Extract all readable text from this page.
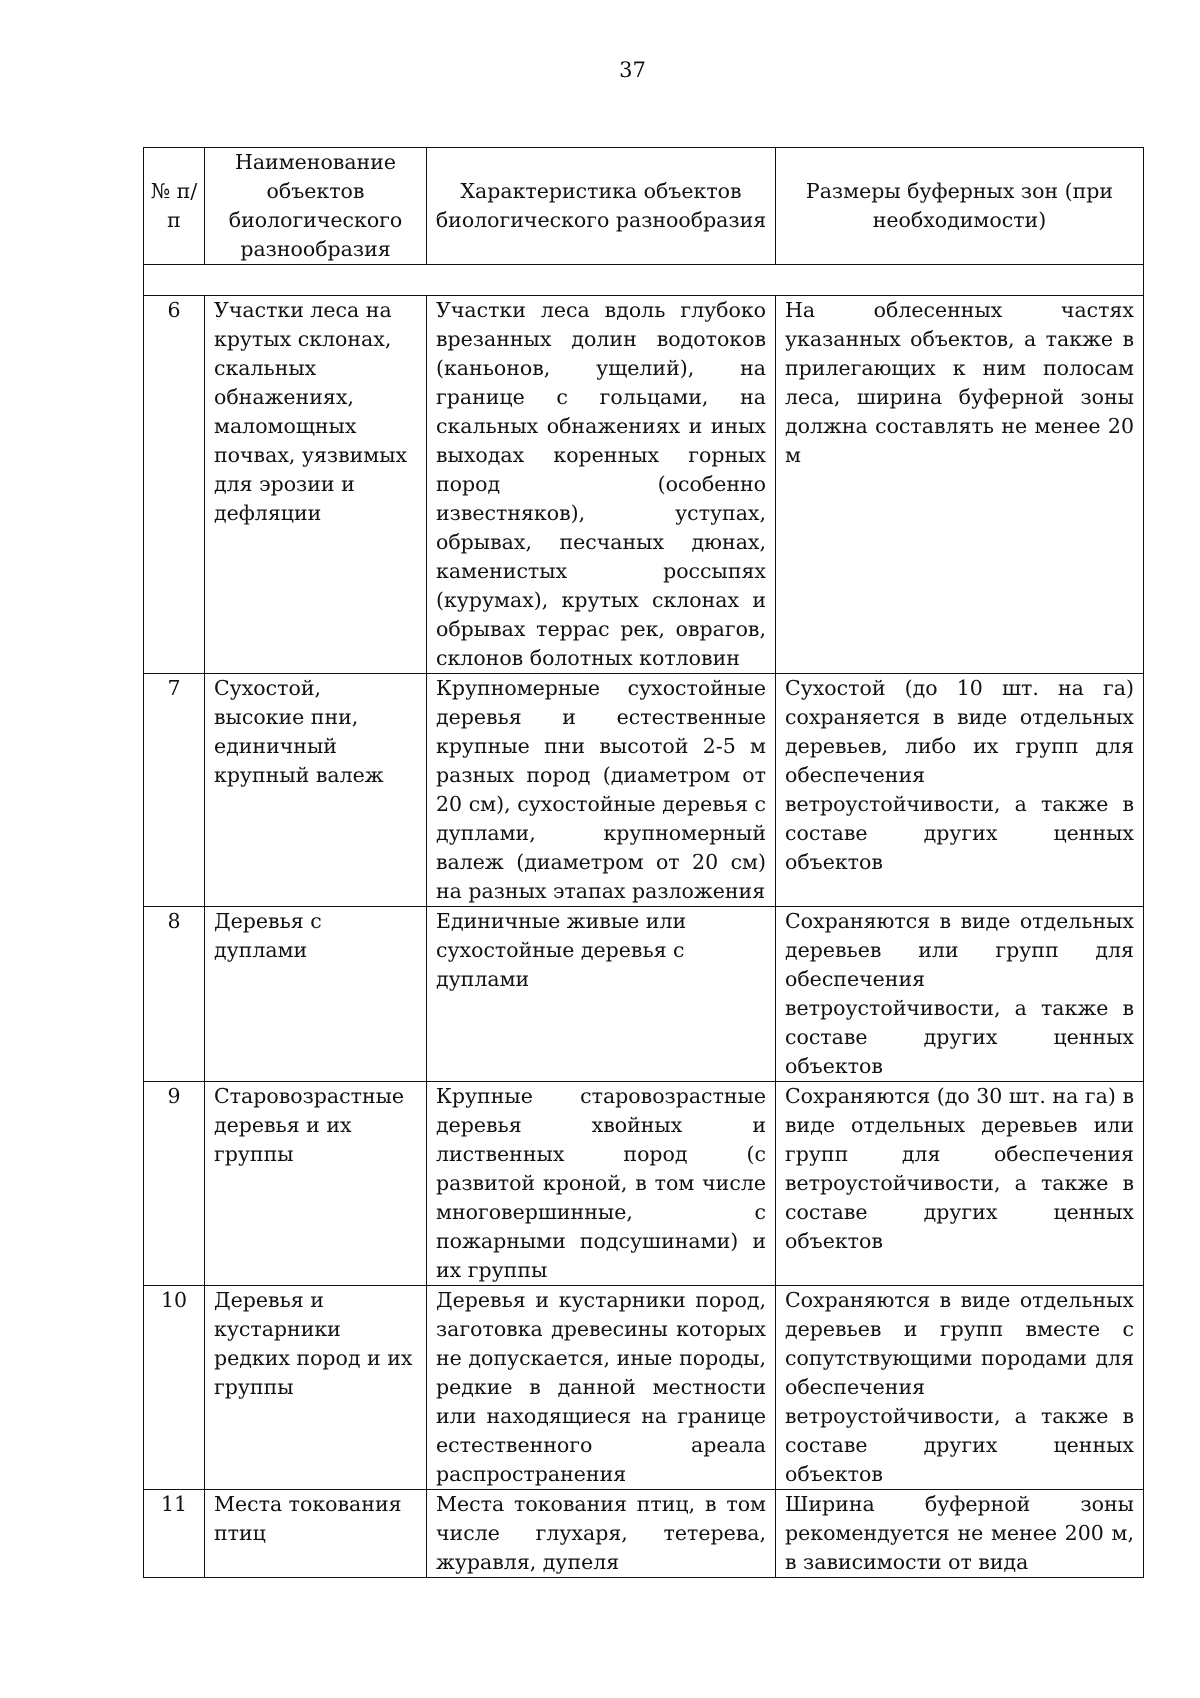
37
№ п/п	Наименование объектов биологического разнообразия	Характеристика объектов биологического разнообразия	Размеры буферных зон (при необходимости)

6	Участки леса на крутых склонах, скальных обнажениях, маломощных почвах, уязвимых для эрозии и дефляции	Участки леса вдоль глубоко врезанных долин водотоков (каньонов, ущелий), на границе с гольцами, на скальных обнажениях и иных выходах коренных горных пород (особенно известняков), уступах, обрывах, песчаных дюнах, каменистых россыпях (курумах), крутых склонах и обрывах террас рек, оврагов, склонов болотных котловин	На облесенных частях указанных объектов, а также в прилегающих к ним полосам леса, ширина буферной зоны должна составлять не менее 20 м
7	Сухостой, высокие пни, единичный крупный валеж	Крупномерные сухостойные деревья и естественные крупные пни высотой 2-5 м разных пород (диаметром от 20 см), сухостойные деревья с дуплами, крупномерный валеж (диаметром от 20 см) на разных этапах разложения	Сухостой (до 10 шт. на га) сохраняется в виде отдельных деревьев, либо их групп для обеспечения ветроустойчивости, а также в составе других ценных объектов
8	Деревья с дуплами	Единичные живые или сухостойные деревья с дуплами	Сохраняются в виде отдельных деревьев или групп для обеспечения ветроустойчивости, а также в составе других ценных объектов
9	Старовозрастные деревья и их группы	Крупные старовозрастные деревья хвойных и лиственных пород (с развитой кроной, в том числе многовершинные, с пожарными подсушинами) и их группы	Сохраняются (до 30 шт. на га) в виде отдельных деревьев или групп для обеспечения ветроустойчивости, а также в составе других ценных объектов
10	Деревья и кустарники редких пород и их группы	Деревья и кустарники пород, заготовка древесины которых не допускается, иные породы, редкие в данной местности или находящиеся на границе естественного ареала распространения	Сохраняются в виде отдельных деревьев и групп вместе с сопутствующими породами для обеспечения ветроустойчивости, а также в составе других ценных объектов
11	Места токования птиц	Места токования птиц, в том числе глухаря, тетерева, журавля, дупеля	Ширина буферной зоны рекомендуется не менее 200 м, в зависимости от вида
